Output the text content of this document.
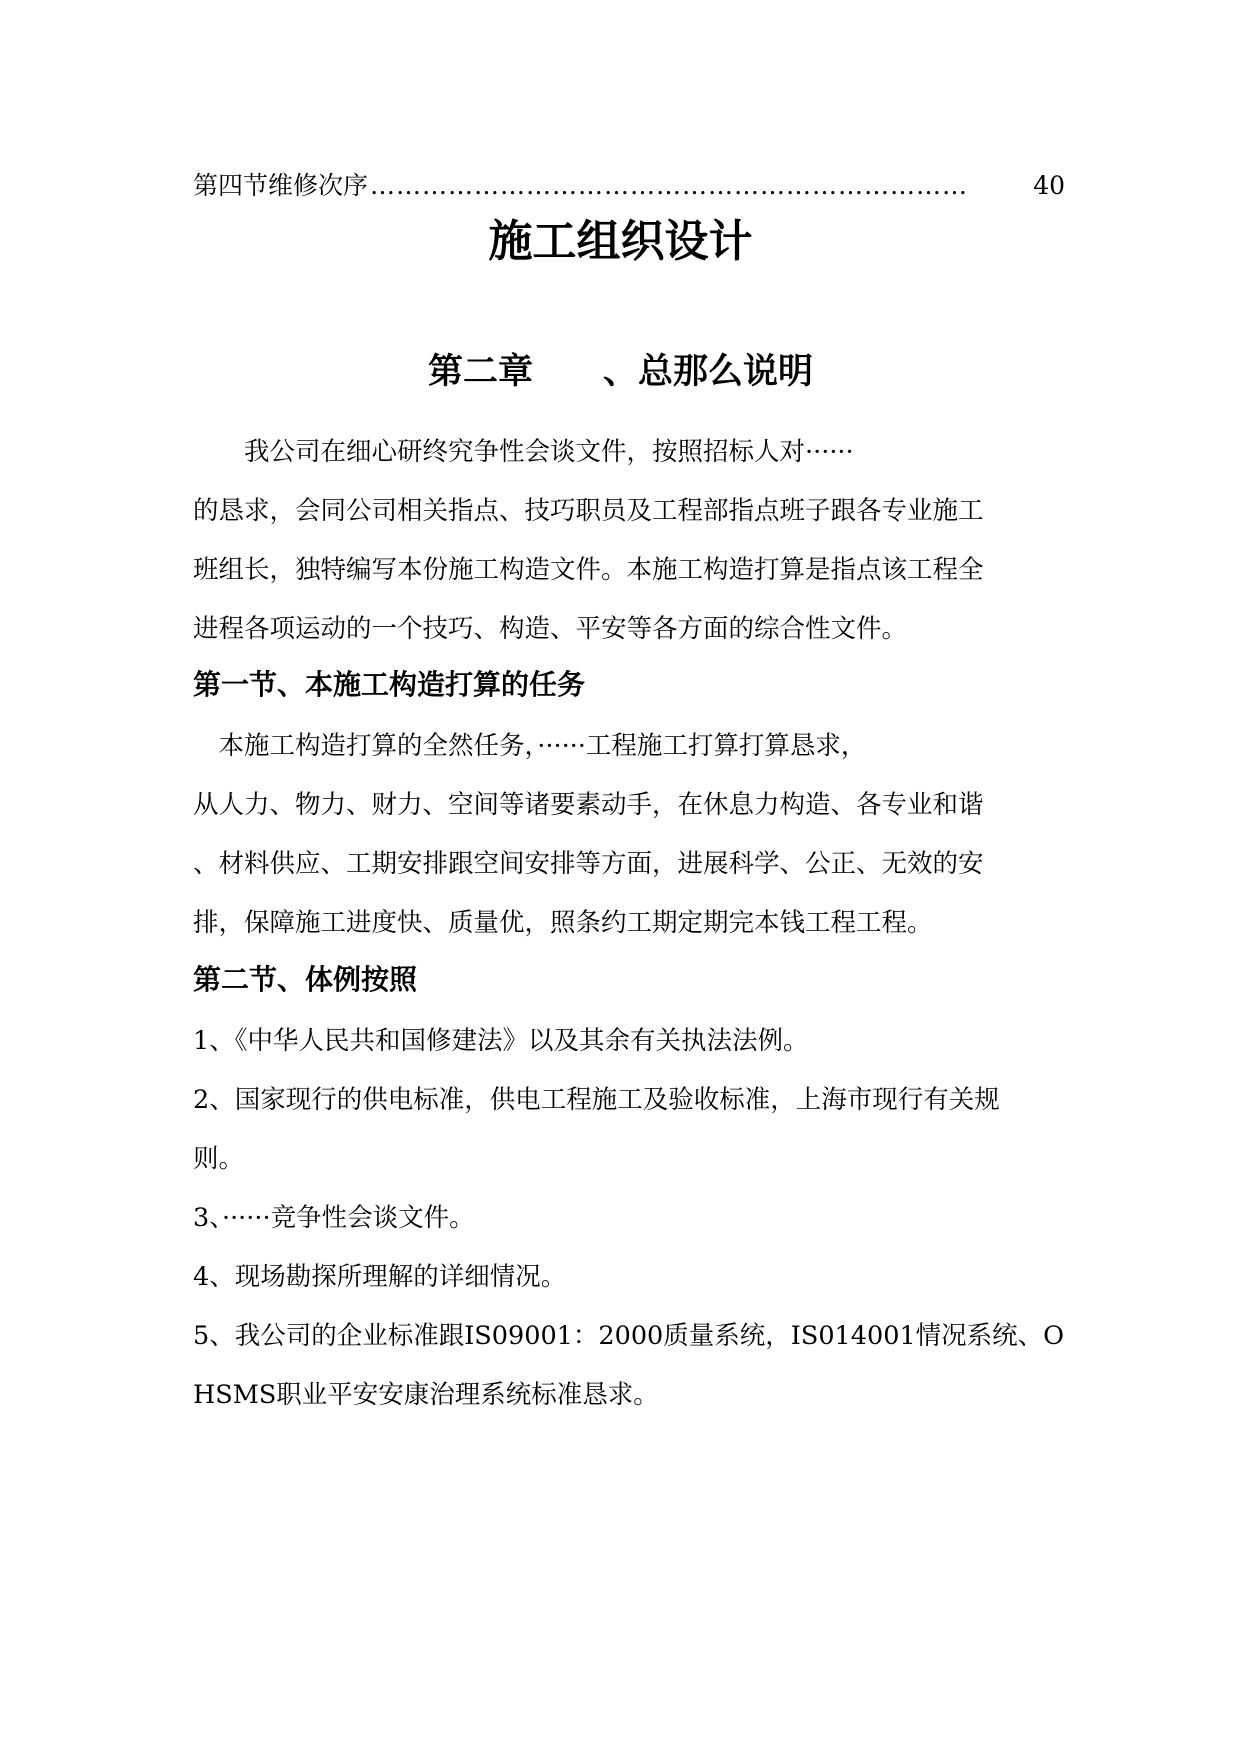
第四节维修次序 ……………………………………………………………	40
施工组织设计
第二章　　、总那么说明
　　我公司在细心研终究争性会谈文件，按照招标人对······
的恳求，会同公司相关指点、技巧职员及工程部指点班子跟各专业施工
班组长，独特编写本份施工构造文件。本施工构造打算是指点该工程全
进程各项运动的一个技巧、构造、平安等各方面的综合性文件。
第一节、本施工构造打算的任务
　本施工构造打算的全然任务，······工程施工打算打算恳求，
从人力、物力、财力、空间等诸要素动手，在休息力构造、各专业和谐
、材料供应、工期安排跟空间安排等方面，进展科学、公正、无效的安
排，保障施工进度快、质量优，照条约工期定期完本钱工程工程。
第二节、体例按照
1、《中华人民共和国修建法》以及其余有关执法法例。
2、国家现行的供电标准，供电工程施工及验收标准，上海市现行有关规
则。
3、······竞争性会谈文件。
4、现场勘探所理解的详细情况。
5、我公司的企业标准跟IS09001：2000质量系统，IS014001情况系统、O
HSMS职业平安安康治理系统标准恳求。
